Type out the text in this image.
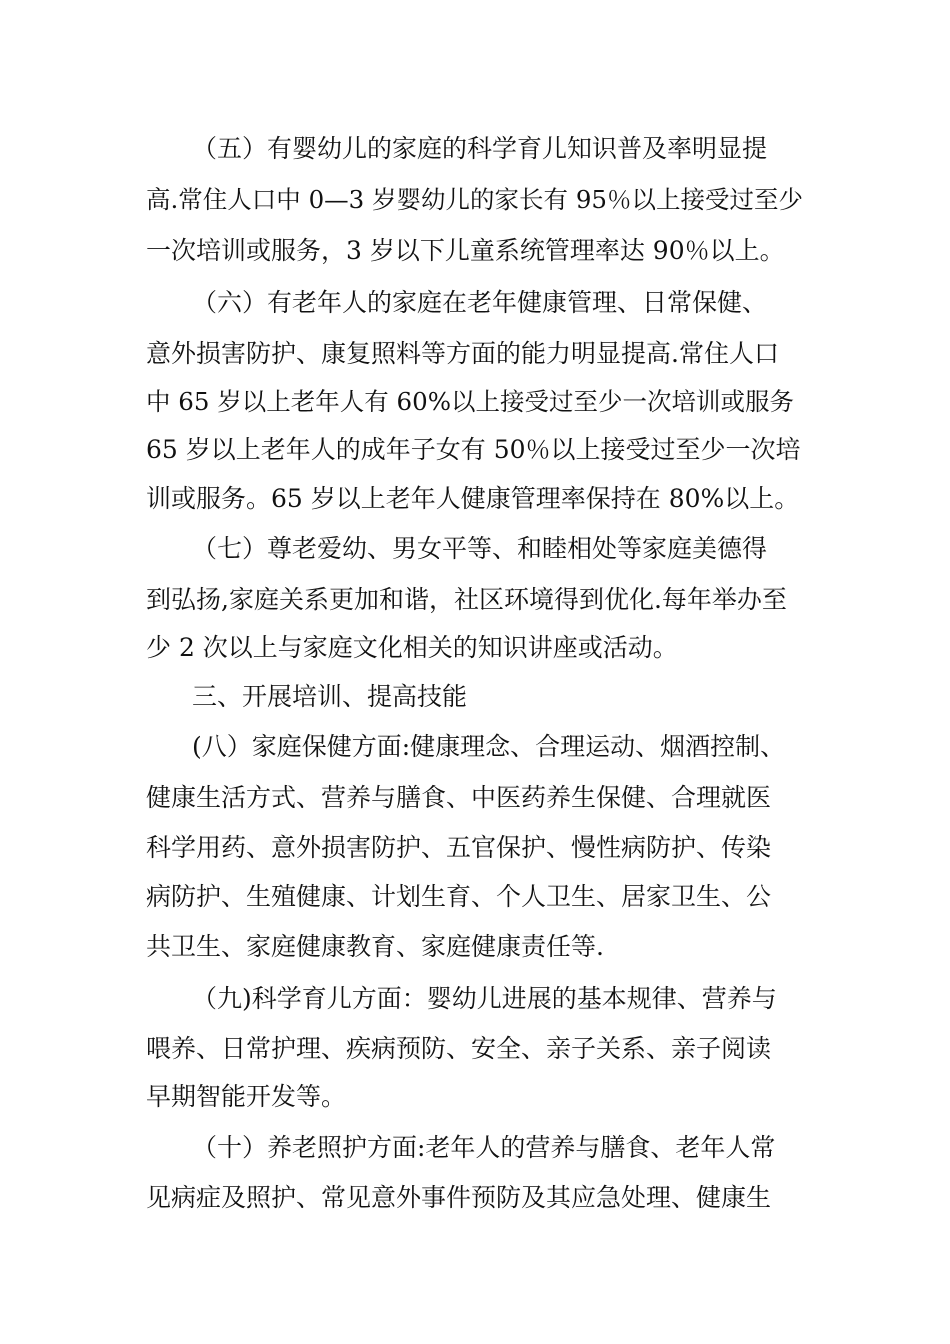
（五）有婴幼儿的家庭的科学育儿知识普及率明显提
高.常住人口中 0—3 岁婴幼儿的家长有 95％以上接受过至少
一次培训或服务，3 岁以下儿童系统管理率达 90％以上。
（六）有老年人的家庭在老年健康管理、日常保健、
意外损害防护、康复照料等方面的能力明显提高.常住人口
中 65 岁以上老年人有 60%以上接受过至少一次培训或服务
65 岁以上老年人的成年子女有 50％以上接受过至少一次培
训或服务。65 岁以上老年人健康管理率保持在 80%以上。
（七）尊老爱幼、男女平等、和睦相处等家庭美德得
到弘扬,家庭关系更加和谐，社区环境得到优化.每年举办至
少 2 次以上与家庭文化相关的知识讲座或活动。
三、开展培训、提高技能
(八）家庭保健方面:健康理念、合理运动、烟酒控制、
健康生活方式、营养与膳食、中医药养生保健、合理就医
科学用药、意外损害防护、五官保护、慢性病防护、传染
病防护、生殖健康、计划生育、个人卫生、居家卫生、公
共卫生、家庭健康教育、家庭健康责任等.
（九)科学育儿方面：婴幼儿进展的基本规律、营养与
喂养、日常护理、疾病预防、安全、亲子关系、亲子阅读
早期智能开发等。
（十）养老照护方面:老年人的营养与膳食、老年人常
见病症及照护、常见意外事件预防及其应急处理、健康生
